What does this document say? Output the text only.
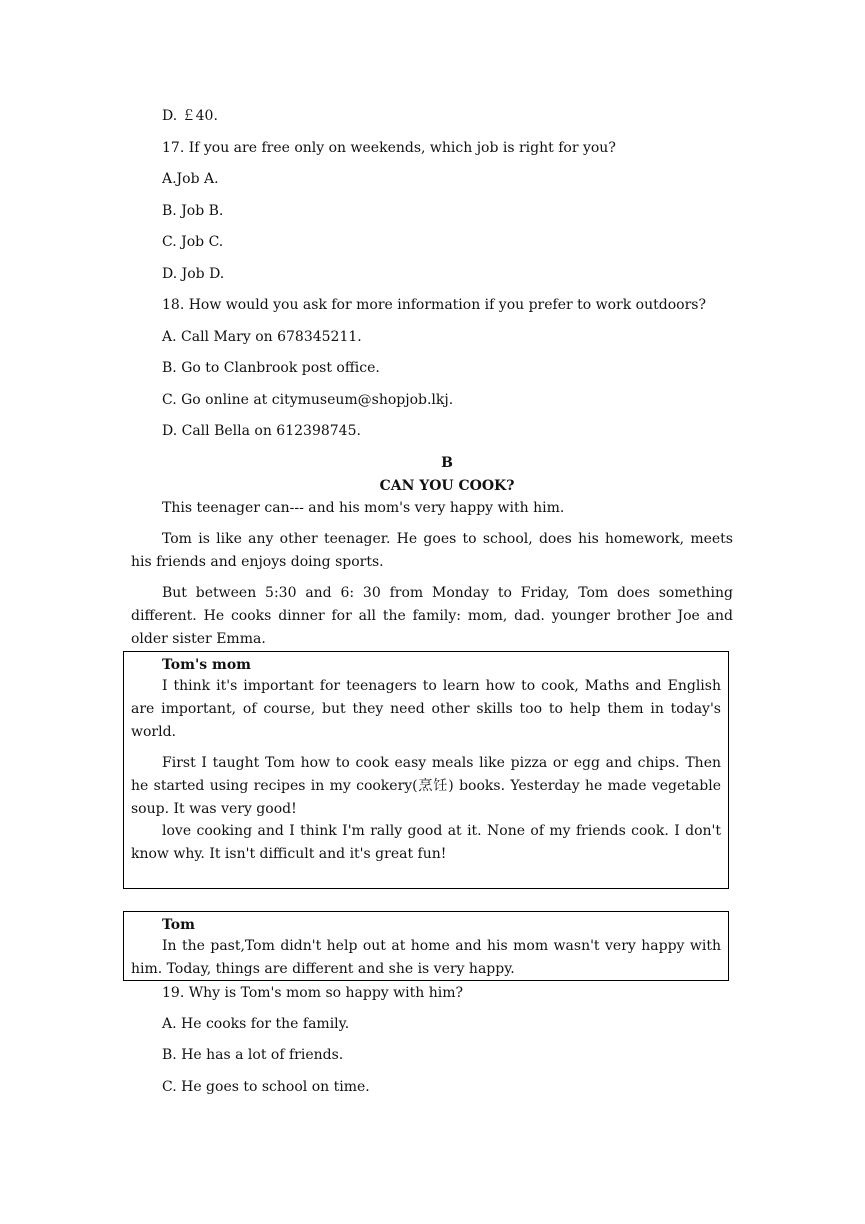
D. ￡40.
17. If you are free only on weekends, which job is right for you?
A.Job A.
B. Job B.
C. Job C.
D. Job D.
18. How would you ask for more information if you prefer to work outdoors?
A. Call Mary on 678345211.
B. Go to Clanbrook post office.
C. Go online at citymuseum@shopjob.lkj.
D. Call Bella on 612398745.
B
CAN YOU COOK?
This teenager can--- and his mom's very happy with him.
Tom is like any other teenager. He goes to school, does his homework, meets his friends and enjoys doing sports.
But between 5:30 and 6: 30 from Monday to Friday, Tom does something different. He cooks dinner for all the family: mom, dad. younger brother Joe and older sister Emma.
Tom's mom
I think it's important for teenagers to learn how to cook, Maths and English are important, of course, but they need other skills too to help them in today's world.
First I taught Tom how to cook easy meals like pizza or egg and chips. Then he started using recipes in my cookery(烹饪) books. Yesterday he made vegetable soup. It was very good!
love cooking and I think I'm rally good at it. None of my friends cook. I don't know why. It isn't difficult and it's great fun!
Tom
In the past,Tom didn't help out at home and his mom wasn't very happy with him. Today, things are different and she is very happy.
19. Why is Tom's mom so happy with him?
A. He cooks for the family.
B. He has a lot of friends.
C. He goes to school on time.
